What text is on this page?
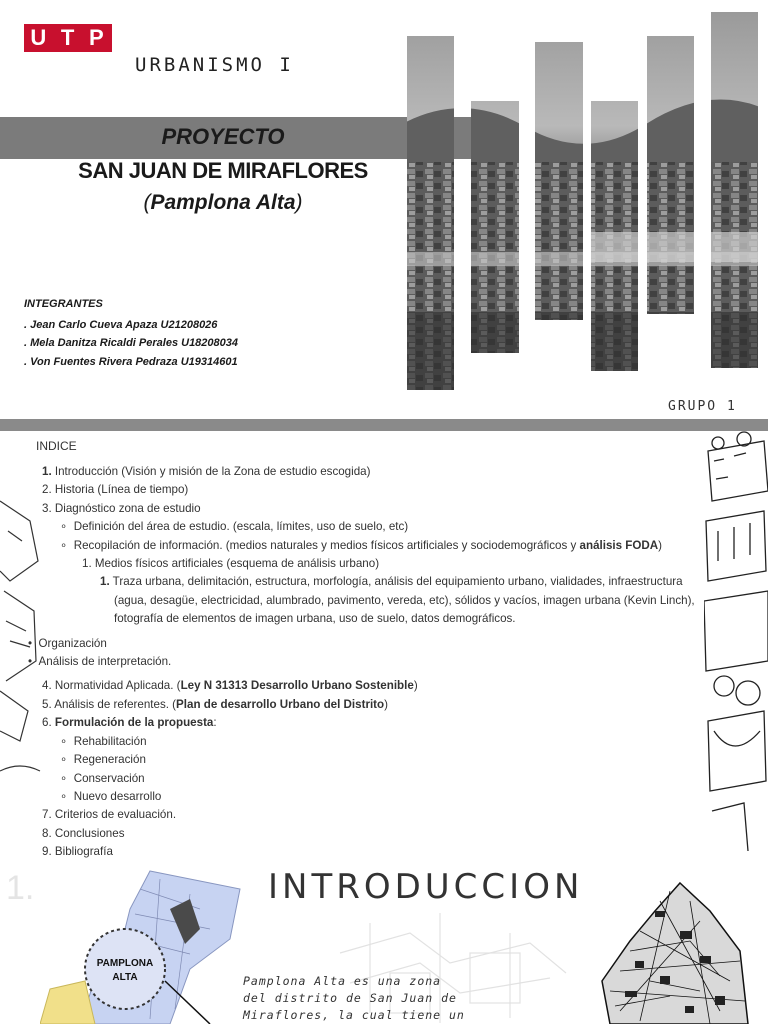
U T P
URBANISMO I
PROYECTO
SAN JUAN DE MIRAFLORES
(Pamplona Alta)
INTEGRANTES
. Jean Carlo Cueva Apaza U21208026
. Mela Danitza Ricaldi Perales U18208034
. Von Fuentes Rivera Pedraza U19314601
GRUPO 1
INDICE
1. Introducción (Visión y misión de la Zona de estudio escogida)
2. Historia (Línea de tiempo)
3. Diagnóstico zona de estudio
∘  Definición del área de estudio. (escala, límites, uso de suelo, etc)
∘  Recopilación de información. (medios naturales y medios físicos artificiales y sociodemográficos y análisis FODA)
1. Medios físicos artificiales (esquema de análisis urbano)
1. Traza urbana, delimitación, estructura, morfología, análisis del equipamiento urbano, vialidades, infraestructura
(agua, desagüe, electricidad, alumbrado, pavimento, vereda, etc), sólidos y vacíos, imagen urbana (Kevin Linch),
fotografía de elementos de imagen urbana, uso de suelo, datos demográficos.
•  Organización
•  Análisis de interpretación.
4. Normatividad Aplicada. (Ley N 31313 Desarrollo Urbano Sostenible)
5. Análisis de referentes. (Plan de desarrollo Urbano del Distrito)
6. Formulación de la propuesta:
∘  Rehabilitación
∘  Regeneración
∘  Conservación
∘  Nuevo desarrollo
7. Criterios de evaluación.
8. Conclusiones
9. Bibliografía
1.
PAMPLONA
ALTA
INTRODUCCION
Pamplona Alta es una zona
del distrito de San Juan de
Miraflores, la cual tiene un
